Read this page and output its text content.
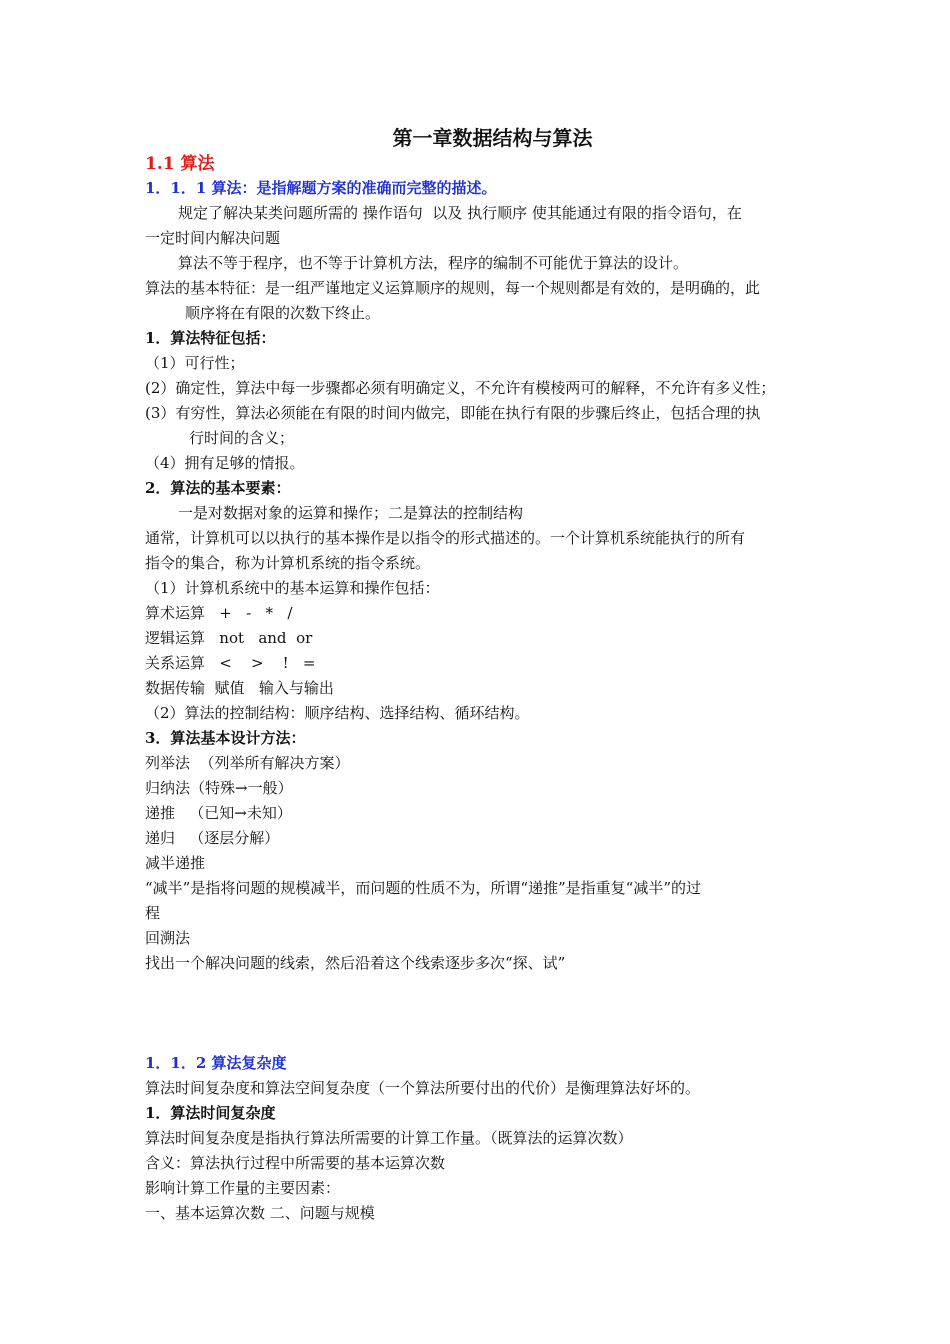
第一章数据结构与算法
1.1 算法
1．1．1 算法：是指解题方案的准确而完整的描述。
规定了解决某类问题所需的 操作语句  以及 执行顺序 使其能通过有限的指令语句，在
一定时间内解决问题
算法不等于程序，也不等于计算机方法，程序的编制不可能优于算法的设计。
算法的基本特征：是一组严谨地定义运算顺序的规则，每一个规则都是有效的，是明确的，此
顺序将在有限的次数下终止。
1．算法特征包括：
（1）可行性；
(2）确定性，算法中每一步骤都必须有明确定义，不允许有模棱两可的解释，不允许有多义性；
(3）有穷性，算法必须能在有限的时间内做完，即能在执行有限的步骤后终止，包括合理的执
行时间的含义；
（4）拥有足够的情报。
2．算法的基本要素：
一是对数据对象的运算和操作；二是算法的控制结构
通常，计算机可以以执行的基本操作是以指令的形式描述的。一个计算机系统能执行的所有
指令的集合，称为计算机系统的指令系统。
（1）计算机系统中的基本运算和操作包括：
算术运算   +   -   *   /
逻辑运算   not   and  or
关系运算   <    >    !   =
数据传输  赋值   输入与输出
（2）算法的控制结构：顺序结构、选择结构、循环结构。
3．算法基本设计方法：
列举法  （列举所有解决方案）
归纳法（特殊→一般）
递推   （已知→未知）
递归   （逐层分解）
减半递推
“减半”是指将问题的规模减半，而问题的性质不为，所谓“递推”是指重复“减半”的过
程
回溯法
找出一个解决问题的线索，然后沿着这个线索逐步多次“探、试”
1．1．2 算法复杂度
算法时间复杂度和算法空间复杂度（一个算法所要付出的代价）是衡理算法好坏的。
1．算法时间复杂度
算法时间复杂度是指执行算法所需要的计算工作量。（既算法的运算次数）
含义：算法执行过程中所需要的基本运算次数
影响计算工作量的主要因素：
一、基本运算次数 二、问题与规模
